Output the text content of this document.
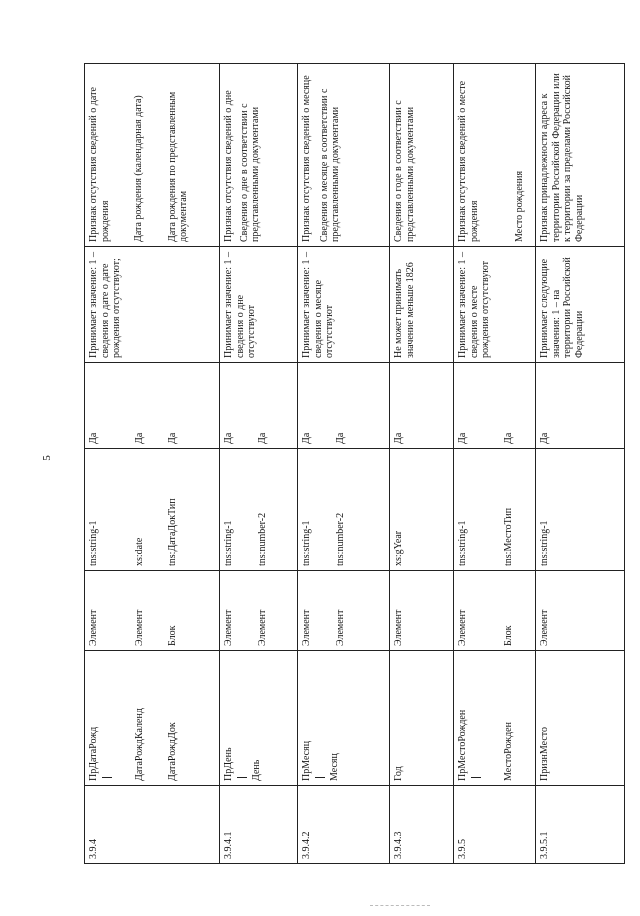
5
3.9.4	ПрДатаРожд ДатаРождКаленд ДатаРождДок	Элемент Элемент Блок	tns:string-1 xs:date tns:ДатаДокТип	Да Да Да	Принимает значение: 1 – сведения о дате о дате рождения отсутствуют;	Признак отсутствия сведений о дате рождения Дата рождения (календарная дата) Дата рождения по представленным документам

3.9.4.1	ПрДень День	Элемент Элемент	tns:string-1 tns:number-2	Да Да	Принимает значение: 1 – сведения о дне отсутствуют	Признак отсутствия сведений о дне Сведения о дне в соответствии с представленными документами

3.9.4.2	ПрМесяц Месяц	Элемент Элемент	tns:string-1 tns:number-2	Да Да	Принимает значение: 1 – сведения о месяце отсутствуют	Признак отсутствия сведений о месяце Сведения о месяце в соответствии с представленными документами

3.9.4.3	Год	Элемент	xs:gYear	Да	Не может принимать значение меньше 1826	Сведения о годе в соответствии с представленными документами

3.9.5	ПрМестоРожден МестоРожден	Элемент Блок	tns:string-1 tns:МестоТип	Да Да	Принимает значение: 1 – сведения о месте рождения отсутствуют	Признак отсутствия сведений о месте рождения Место рождения

3.9.5.1	ПризнМесто	Элемент	tns:string-1	Да	Принимает следующие значения: 1 – на территории Российской Федерации	Признак принадлежности адреса к территории Российской Федерации или к территории за пределами Российской Федерации
